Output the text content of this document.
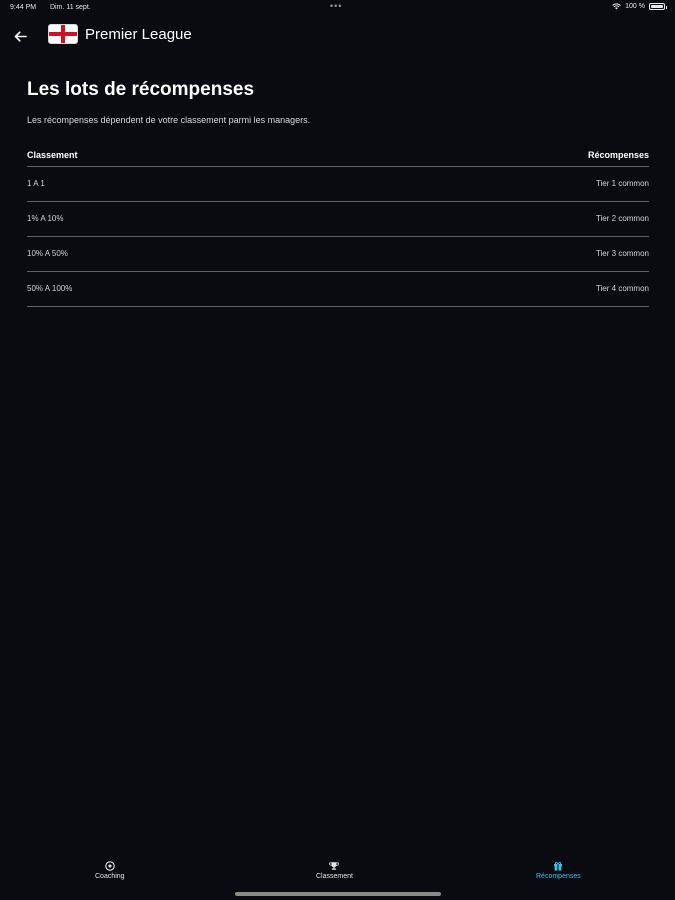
9:44 PM Dim. 11 sept.	•••	100 %
Premier League
Les lots de récompenses
Les récompenses dépendent de votre classement parmi les managers.
Classement	Récompenses
1 A 1	Tier 1 common
1% A 10%	Tier 2 common
10% A 50%	Tier 3 common
50% A 100%	Tier 4 common
Coaching	Classement	Récompenses
